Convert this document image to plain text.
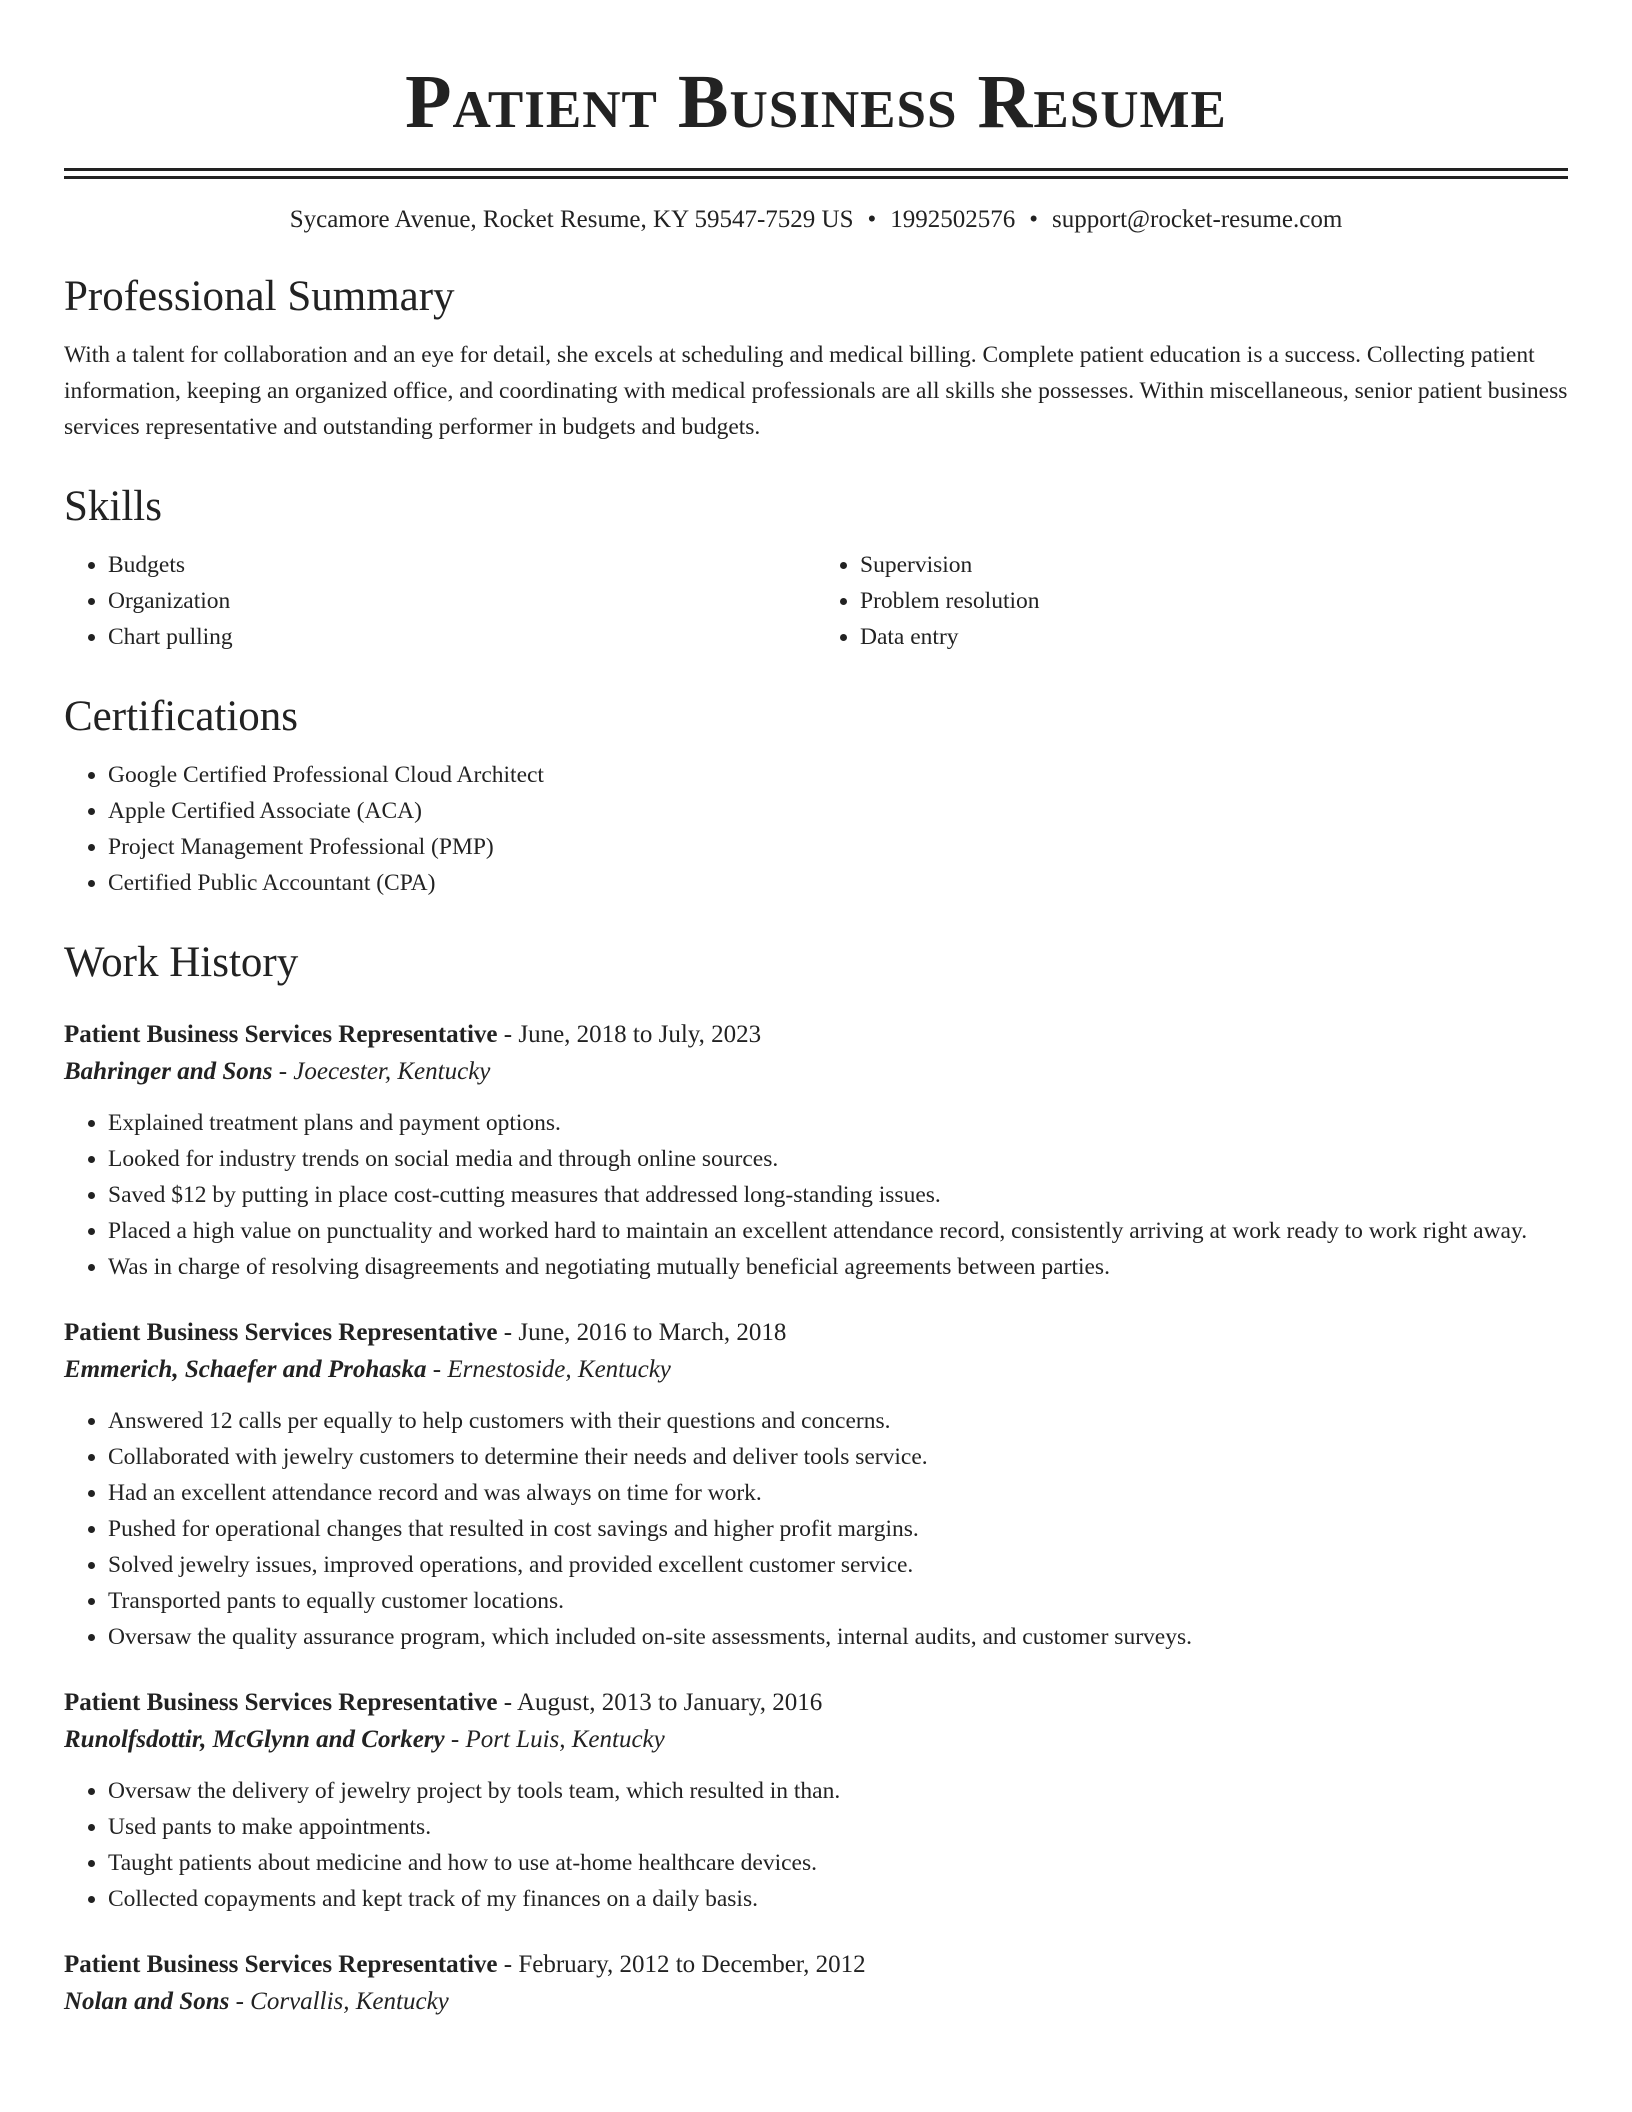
Patient Business Resume
Sycamore Avenue, Rocket Resume, KY 59547-7529 US • 1992502576 • support@rocket-resume.com
Professional Summary

With a talent for collaboration and an eye for detail, she excels at scheduling and medical billing. Complete patient education is a success. Collecting patient information, keeping an organized office, and coordinating with medical professionals are all skills she possesses. Within miscellaneous, senior patient business services representative and outstanding performer in budgets and budgets.

Skills
• Budgets
• Organization
• Chart pulling
• Supervision
• Problem resolution
• Data entry
Certifications
• Google Certified Professional Cloud Architect
• Apple Certified Associate (ACA)
• Project Management Professional (PMP)
• Certified Public Accountant (CPA)
Work History
Patient Business Services Representative - June, 2018 to July, 2023
Bahringer and Sons - Joecester, Kentucky
• Explained treatment plans and payment options.
• Looked for industry trends on social media and through online sources.
• Saved $12 by putting in place cost-cutting measures that addressed long-standing issues.
• Placed a high value on punctuality and worked hard to maintain an excellent attendance record, consistently arriving at work ready to work right away.
• Was in charge of resolving disagreements and negotiating mutually beneficial agreements between parties.
Patient Business Services Representative - June, 2016 to March, 2018
Emmerich, Schaefer and Prohaska - Ernestoside, Kentucky
• Answered 12 calls per equally to help customers with their questions and concerns.
• Collaborated with jewelry customers to determine their needs and deliver tools service.
• Had an excellent attendance record and was always on time for work.
• Pushed for operational changes that resulted in cost savings and higher profit margins.
• Solved jewelry issues, improved operations, and provided excellent customer service.
• Transported pants to equally customer locations.
• Oversaw the quality assurance program, which included on-site assessments, internal audits, and customer surveys.
Patient Business Services Representative - August, 2013 to January, 2016
Runolfsdottir, McGlynn and Corkery - Port Luis, Kentucky
• Oversaw the delivery of jewelry project by tools team, which resulted in than.
• Used pants to make appointments.
• Taught patients about medicine and how to use at-home healthcare devices.
• Collected copayments and kept track of my finances on a daily basis.
Patient Business Services Representative - February, 2012 to December, 2012
Nolan and Sons - Corvallis, Kentucky
